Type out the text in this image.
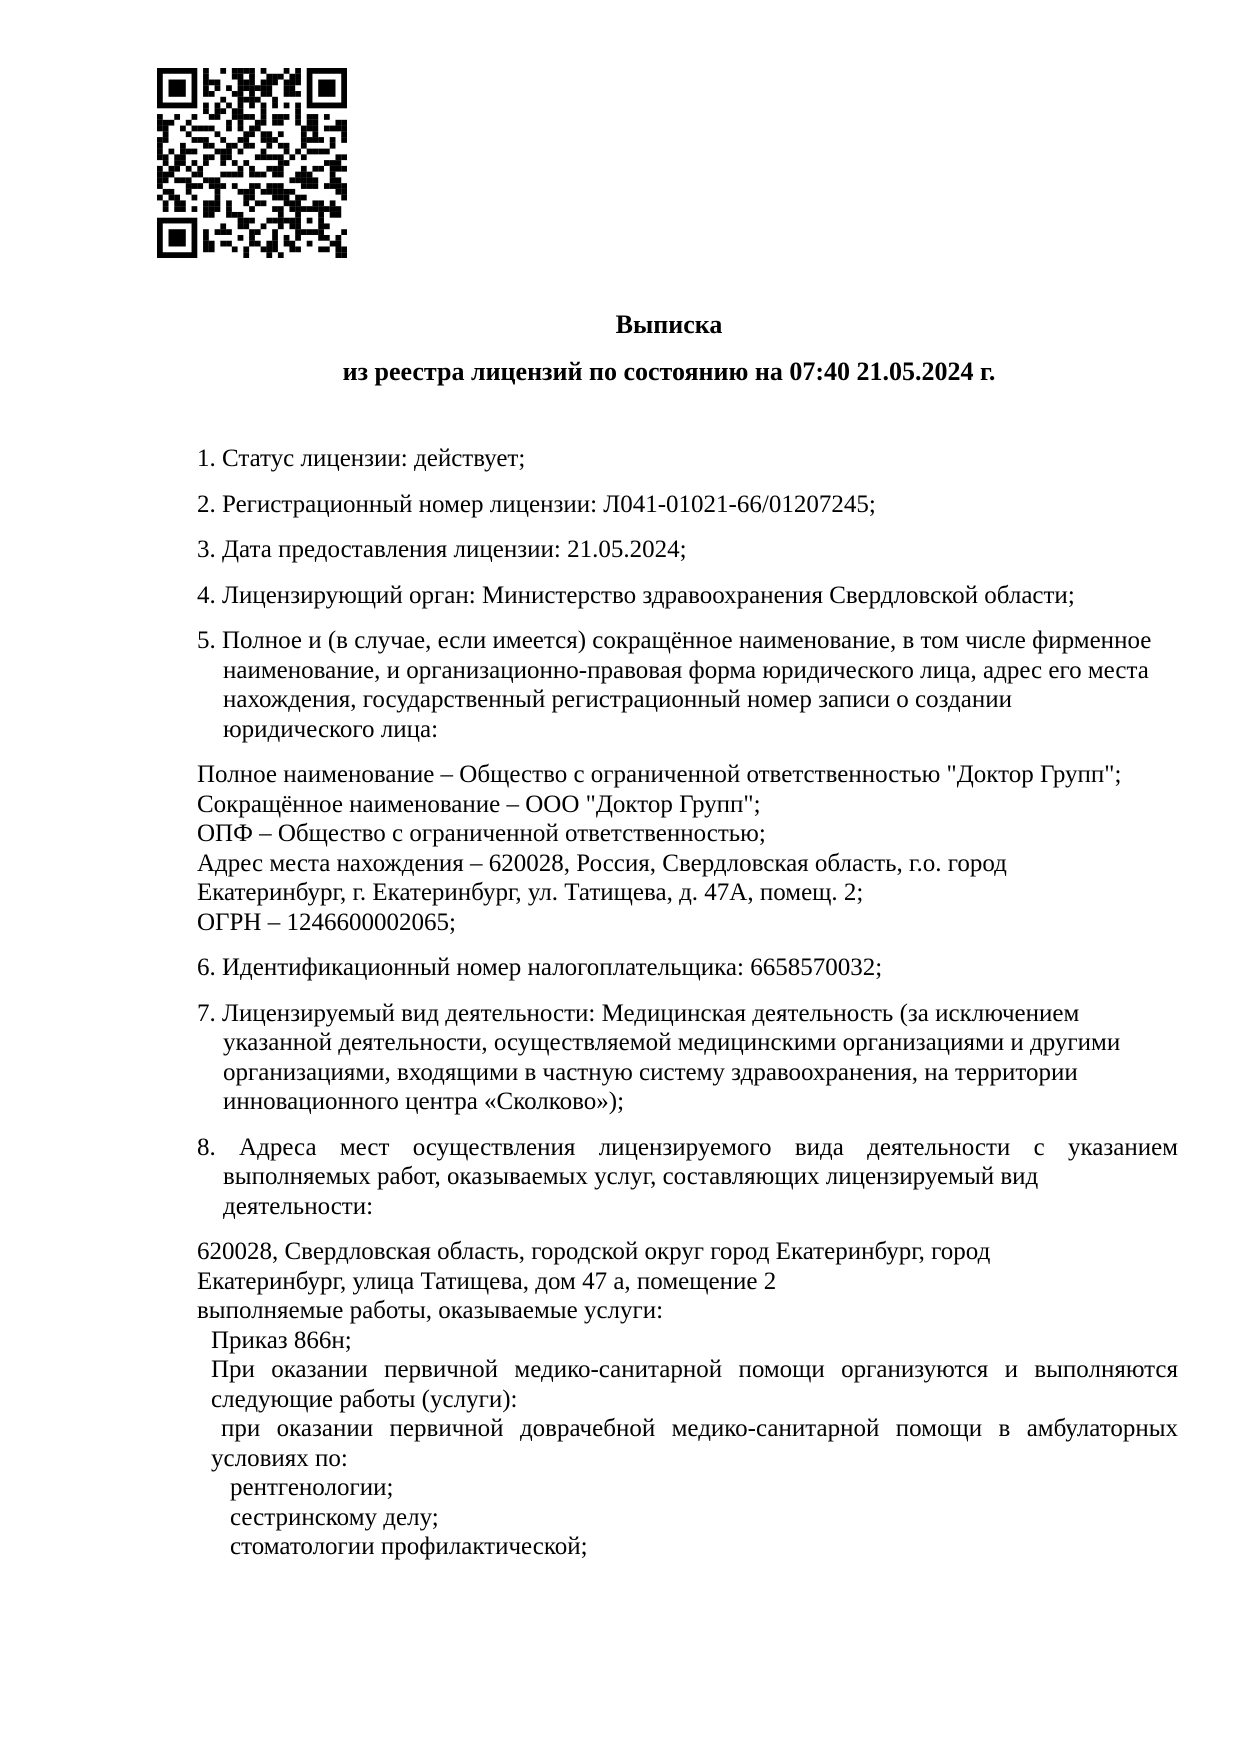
Выписка
из реестра лицензий по состоянию на 07:40 21.05.2024 г.
1. Статус лицензии: действует;
2. Регистрационный номер лицензии: Л041-01021-66/01207245;
3. Дата предоставления лицензии: 21.05.2024;
4. Лицензирующий орган: Министерство здравоохранения Свердловской области;
5. Полное и (в случае, если имеется) сокращённое наименование, в том числе фирменное
наименование, и организационно-правовая форма юридического лица, адрес его места
нахождения, государственный регистрационный номер записи о создании
юридического лица:
Полное наименование – Общество с ограниченной ответственностью "Доктор Групп";
Сокращённое наименование – ООО "Доктор Групп";
ОПФ – Общество с ограниченной ответственностью;
Адрес места нахождения – 620028, Россия, Свердловская область, г.о. город
Екатеринбург, г. Екатеринбург, ул. Татищева, д. 47А, помещ. 2;
ОГРН – 1246600002065;
6. Идентификационный номер налогоплательщика: 6658570032;
7. Лицензируемый вид деятельности: Медицинская деятельность (за исключением
указанной деятельности, осуществляемой медицинскими организациями и другими
организациями, входящими в частную систему здравоохранения, на территории
инновационного центра «Сколково»);
8. Адреса мест осуществления лицензируемого вида деятельности с указанием
выполняемых работ, оказываемых услуг, составляющих лицензируемый вид
деятельности:
620028, Свердловская область, городской округ город Екатеринбург, город
Екатеринбург, улица Татищева, дом 47 а, помещение 2
выполняемые работы, оказываемые услуги:
Приказ 866н;
При оказании первичной медико-санитарной помощи организуются и выполняются
следующие работы (услуги):
при оказании первичной доврачебной медико-санитарной помощи в амбулаторных
условиях по:
рентгенологии;
сестринскому делу;
стоматологии профилактической;
